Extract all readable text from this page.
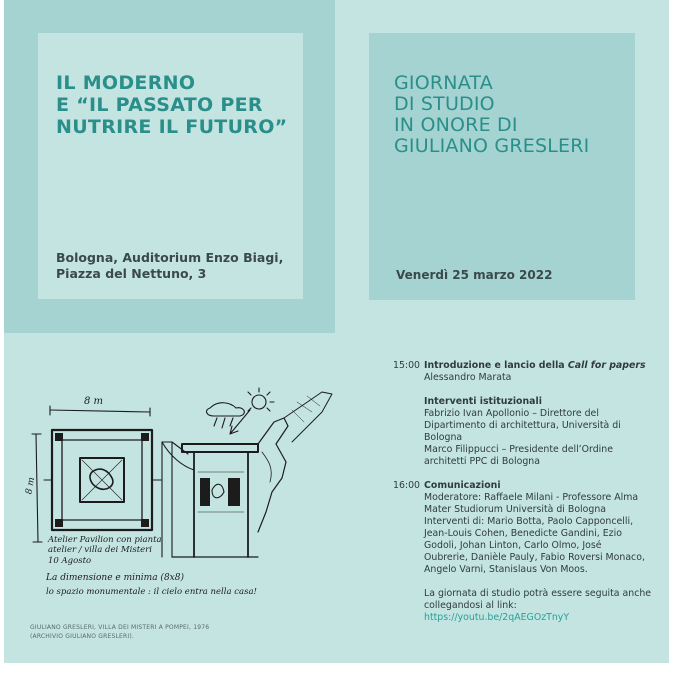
IL MODERNO
E “IL PASSATO PER
NUTRIRE IL FUTURO”
Bologna, Auditorium Enzo Biagi,
Piazza del Nettuno, 3
GIORNATA
DI STUDIO
IN ONORE DI
GIULIANO GRESLERI
Venerdì 25 marzo 2022
8 m
8 m
Atelier Pavilion con pianta
atelier / villa dei Misteri
10 Agosto
La dimensione e minima (8x8)
lo spazio monumentale : il cielo entra nella casa!
GIULIANO GRESLERI, VILLA DEI MISTERI A POMPEI, 1976
(ARCHIVIO GIULIANO GRESLERI).
15:00 Introduzione e lancio della Call for papers
Alessandro Marata
Interventi istituzionali
Fabrizio Ivan Apollonio – Direttore del
Dipartimento di architettura, Università di
Bologna
Marco Filippucci – Presidente dell’Ordine
architetti PPC di Bologna
16:00 Comunicazioni
Moderatore: Raffaele Milani - Professore Alma
Mater Studiorum Università di Bologna
Interventi di: Mario Botta, Paolo Capponcelli,
Jean-Louis Cohen, Benedicte Gandini, Ezio
Godoli, Johan Linton, Carlo Olmo, José
Oubrerie, Danièle Pauly, Fabio Roversi Monaco,
Angelo Varni, Stanislaus Von Moos.
La giornata di studio potrà essere seguita anche
collegandosi al link: https://youtu.be/2qAEGOzTnyY
